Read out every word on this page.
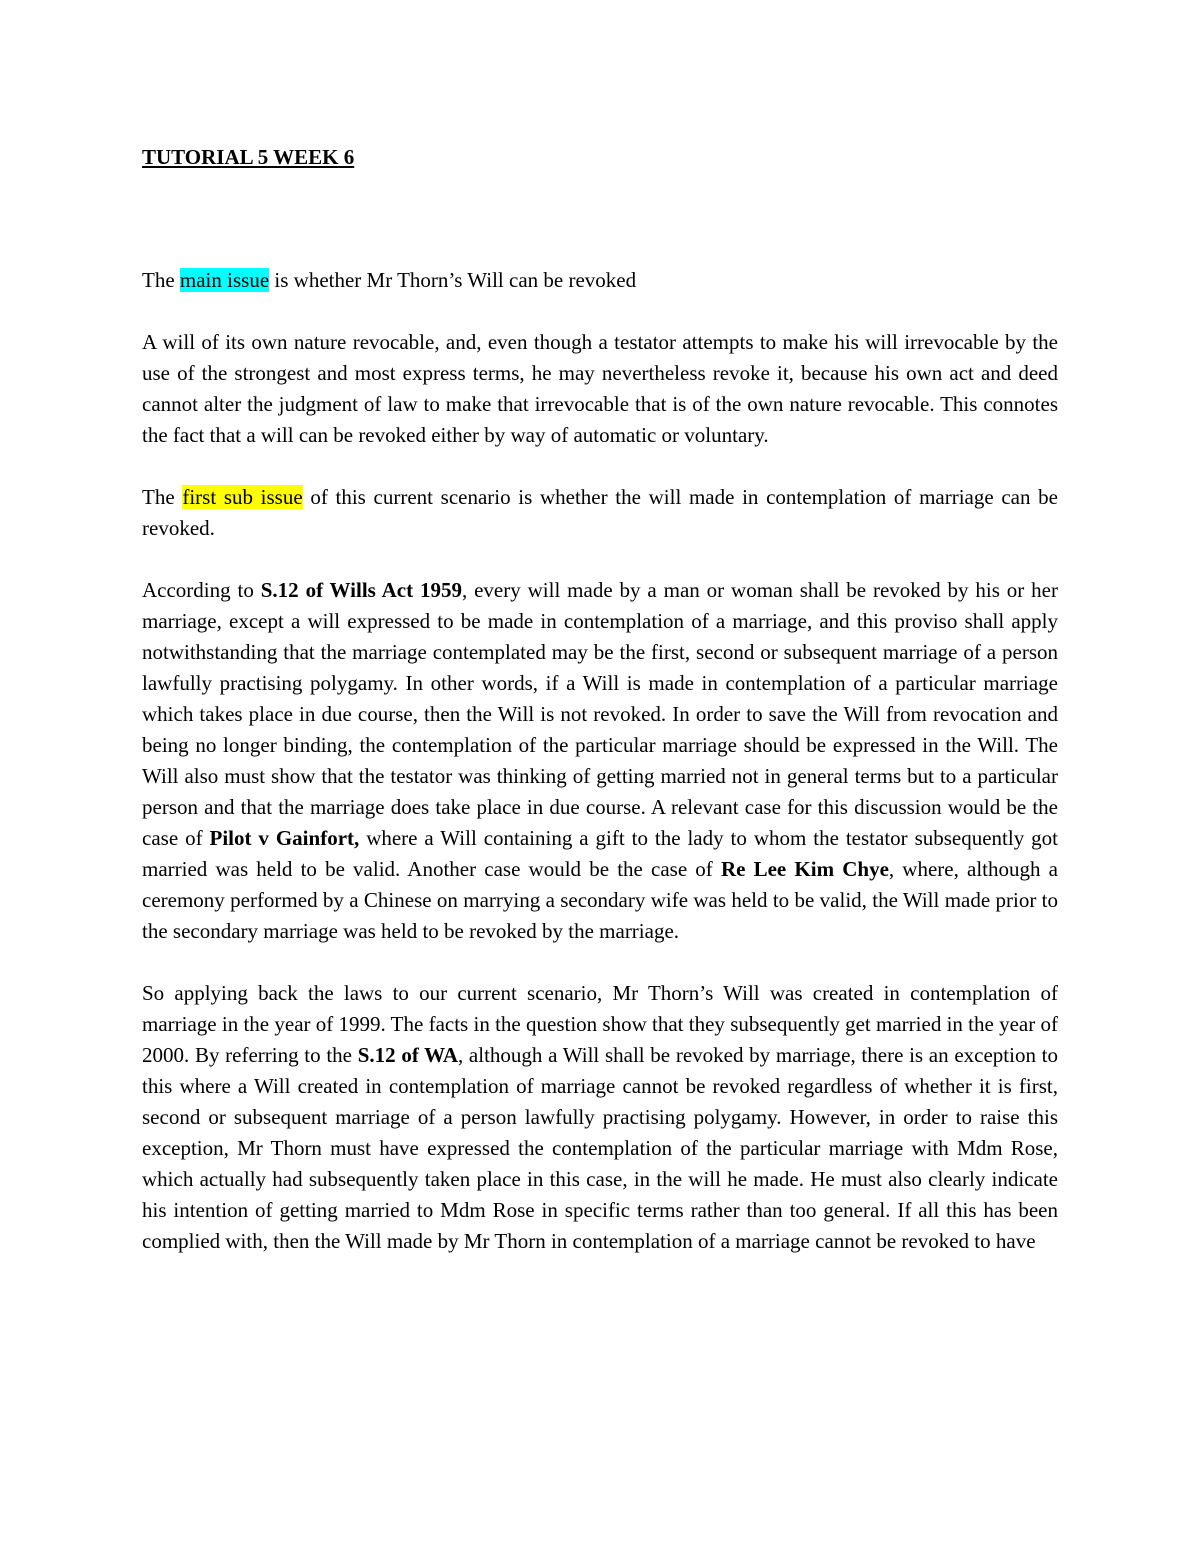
TUTORIAL 5 WEEK 6

The main issue is whether Mr Thorn’s Will can be revoked

A will of its own nature revocable, and, even though a testator attempts to make his will irrevocable by the use of the strongest and most express terms, he may nevertheless revoke it, because his own act and deed cannot alter the judgment of law to make that irrevocable that is of the own nature revocable. This connotes the fact that a will can be revoked either by way of automatic or voluntary.

The first sub issue of this current scenario is whether the will made in contemplation of marriage can be revoked.

According to S.12 of Wills Act 1959, every will made by a man or woman shall be revoked by his or her marriage, except a will expressed to be made in contemplation of a marriage, and this proviso shall apply notwithstanding that the marriage contemplated may be the first, second or subsequent marriage of a person lawfully practising polygamy. In other words, if a Will is made in contemplation of a particular marriage which takes place in due course, then the Will is not revoked. In order to save the Will from revocation and being no longer binding, the contemplation of the particular marriage should be expressed in the Will. The Will also must show that the testator was thinking of getting married not in general terms but to a particular person and that the marriage does take place in due course. A relevant case for this discussion would be the case of Pilot v Gainfort, where a Will containing a gift to the lady to whom the testator subsequently got married was held to be valid. Another case would be the case of Re Lee Kim Chye, where, although a ceremony performed by a Chinese on marrying a secondary wife was held to be valid, the Will made prior to the secondary marriage was held to be revoked by the marriage.

So applying back the laws to our current scenario, Mr Thorn’s Will was created in contemplation of marriage in the year of 1999. The facts in the question show that they subsequently get married in the year of 2000. By referring to the S.12 of WA, although a Will shall be revoked by marriage, there is an exception to this where a Will created in contemplation of marriage cannot be revoked regardless of whether it is first, second or subsequent marriage of a person lawfully practising polygamy. However, in order to raise this exception, Mr Thorn must have expressed the contemplation of the particular marriage with Mdm Rose, which actually had subsequently taken place in this case, in the will he made. He must also clearly indicate his intention of getting married to Mdm Rose in specific terms rather than too general. If all this has been complied with, then the Will made by Mr Thorn in contemplation of a marriage cannot be revoked to have
